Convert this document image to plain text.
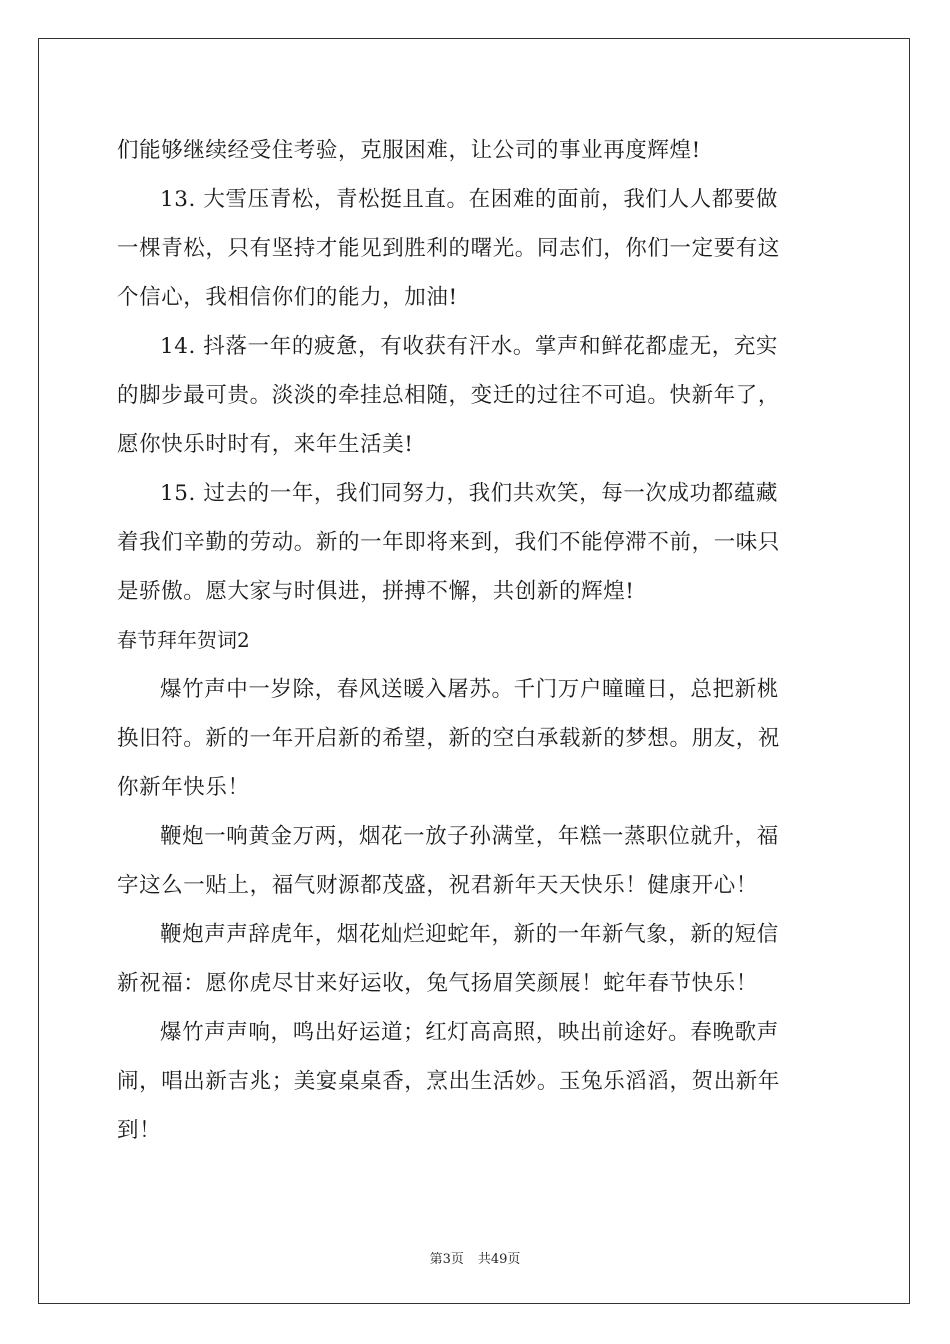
们能够继续经受住考验，克服困难，让公司的事业再度辉煌!
13. 大雪压青松，青松挺且直。在困难的面前，我们人人都要做
一棵青松，只有坚持才能见到胜利的曙光。同志们，你们一定要有这
个信心，我相信你们的能力，加油!
14. 抖落一年的疲惫，有收获有汗水。掌声和鲜花都虚无，充实
的脚步最可贵。淡淡的牵挂总相随，变迁的过往不可追。快新年了，
愿你快乐时时有，来年生活美!
15. 过去的一年，我们同努力，我们共欢笑，每一次成功都蕴藏
着我们辛勤的劳动。新的一年即将来到，我们不能停滞不前，一味只
是骄傲。愿大家与时俱进，拼搏不懈，共创新的辉煌!
春节拜年贺词2
爆竹声中一岁除，春风送暖入屠苏。千门万户曈曈日，总把新桃
换旧符。新的一年开启新的希望，新的空白承载新的梦想。朋友，祝
你新年快乐！
鞭炮一响黄金万两，烟花一放子孙满堂，年糕一蒸职位就升，福
字这么一贴上，福气财源都茂盛，祝君新年天天快乐！健康开心！
鞭炮声声辞虎年，烟花灿烂迎蛇年，新的一年新气象，新的短信
新祝福：愿你虎尽甘来好运收，兔气扬眉笑颜展！蛇年春节快乐！
爆竹声声响，鸣出好运道；红灯高高照，映出前途好。春晚歌声
闹，唱出新吉兆；美宴桌桌香，烹出生活妙。玉兔乐滔滔，贺出新年
到！
第3页 共49页
